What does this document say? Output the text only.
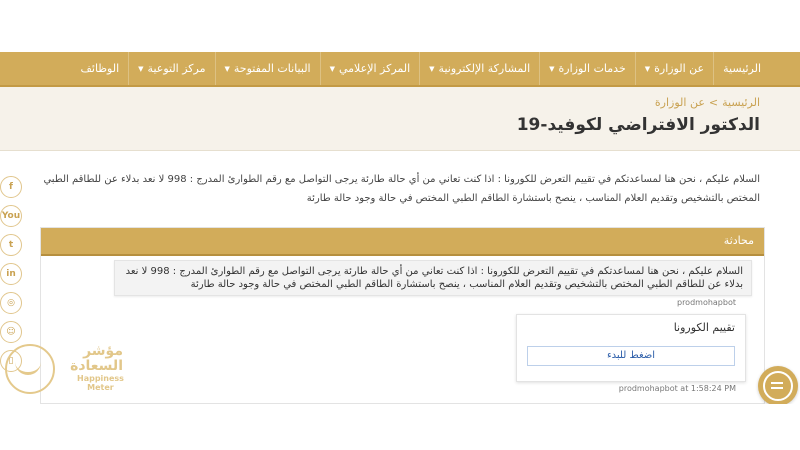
الرئيسية
عن الوزارة
▼
خدمات الوزارة
▼
المشاركة الإلكترونية
▼
المركز الإعلامي
▼
البيانات المفتوحة
▼
مركز التوعية
▼
الوظائف
الرئيسية
>
عن الوزارة
الدكتور الافتراضي لكوفيد-19
السلام عليكم ، نحن هنا لمساعدتكم في تقييم التعرض للكورونا : اذا كنت تعاني من أي حالة طارئة يرجى التواصل مع رقم الطوارئ المدرج : 998 لا نعد بدلاء عن للطاقم الطبي المختص بالتشخيص وتقديم العلام المناسب ، ينصح باستشارة الطاقم الطبي المختص في حالة وجود حالة طارئة
محادثة
السلام عليكم ، نحن هنا لمساعدتكم في تقييم التعرض للكورونا : اذا كنت تعاني من أي حالة طارئة يرجى التواصل مع رقم الطوارئ المدرج : 998 لا نعد بدلاء عن للطاقم الطبي المختص بالتشخيص وتقديم العلام المناسب ، ينصح باستشارة الطاقم الطبي المختص في حالة وجود حالة طارئة
prodmohapbot
تقييم الكورونا
اضغط للبدء
prodmohapbot at 1:58:24 PM
f
You
t
in
◎
☺
▯
مؤشر
السعادة
Happiness
Meter
